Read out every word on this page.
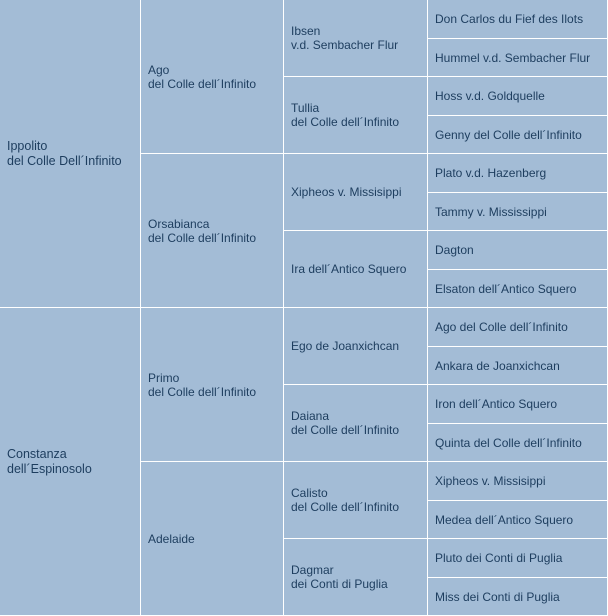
Ippolito
del Colle Dell´Infinito
Constanza
dell´Espinosolo
Ago
del Colle dell´Infinito
Orsabianca
del Colle dell´Infinito
Primo
del Colle dell´Infinito
Adelaide
Ibsen
v.d. Sembacher Flur
Tullia
del Colle dell´Infinito
Xipheos v. Missisippi
Ira dell´Antico Squero
Ego de Joanxichcan
Daiana
del Colle dell´Infinito
Calisto
del Colle dell´Infinito
Dagmar
dei Conti di Puglia
Don Carlos du Fief des Ilots
Hummel v.d. Sembacher Flur
Hoss v.d. Goldquelle
Genny del Colle dell´Infinito
Plato v.d. Hazenberg
Tammy v. Mississippi
Dagton
Elsaton dell´Antico Squero
Ago del Colle dell´Infinito
Ankara de Joanxichcan
Iron dell´Antico Squero
Quinta del Colle dell´Infinito
Xipheos v. Missisippi
Medea dell´Antico Squero
Pluto dei Conti di Puglia
Miss dei Conti di Puglia
